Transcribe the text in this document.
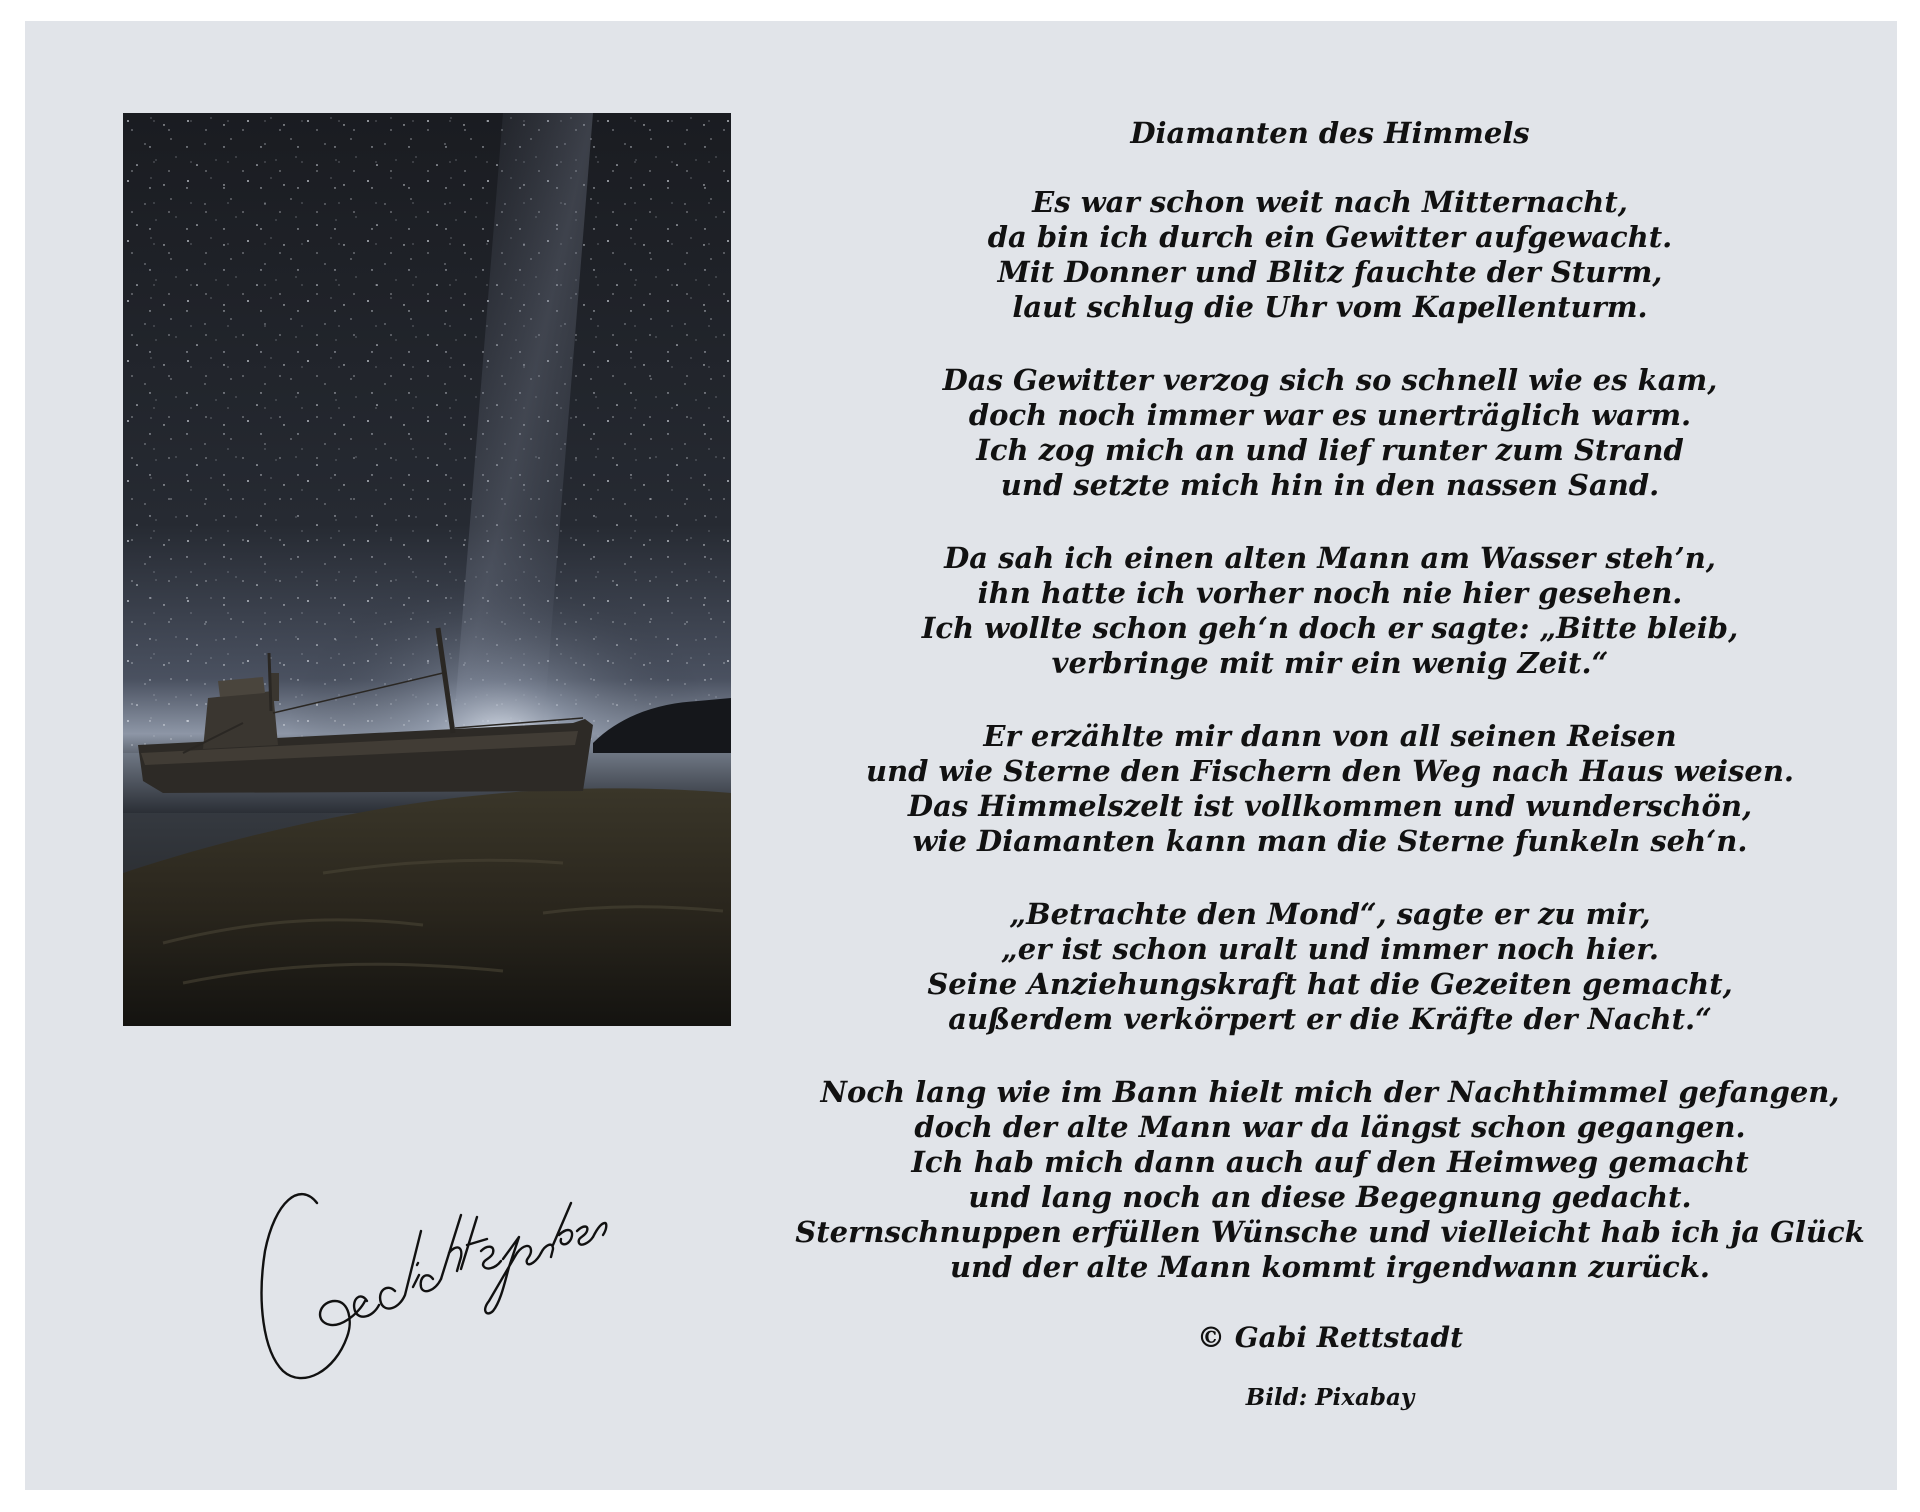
Diamanten des Himmels
Es war schon weit nach Mitternacht,
da bin ich durch ein Gewitter aufgewacht.
Mit Donner und Blitz fauchte der Sturm,
laut schlug die Uhr vom Kapellenturm.
Das Gewitter verzog sich so schnell wie es kam,
doch noch immer war es unerträglich warm.
Ich zog mich an und lief runter zum Strand
und setzte mich hin in den nassen Sand.
Da sah ich einen alten Mann am Wasser steh’n,
ihn hatte ich vorher noch nie hier gesehen.
Ich wollte schon geh‘n doch er sagte: „Bitte bleib,
verbringe mit mir ein wenig Zeit.“
Er erzählte mir dann von all seinen Reisen
und wie Sterne den Fischern den Weg nach Haus weisen.
Das Himmelszelt ist vollkommen und wunderschön,
wie Diamanten kann man die Sterne funkeln seh‘n.
„Betrachte den Mond“, sagte er zu mir,
„er ist schon uralt und immer noch hier.
Seine Anziehungskraft hat die Gezeiten gemacht,
außerdem verkörpert er die Kräfte der Nacht.“
Noch lang wie im Bann hielt mich der Nachthimmel gefangen,
doch der alte Mann war da längst schon gegangen.
Ich hab mich dann auch auf den Heimweg gemacht
und lang noch an diese Begegnung gedacht.
Sternschnuppen erfüllen Wünsche und vielleicht hab ich ja Glück
und der alte Mann kommt irgendwann zurück.
© Gabi Rettstadt
Bild: Pixabay
